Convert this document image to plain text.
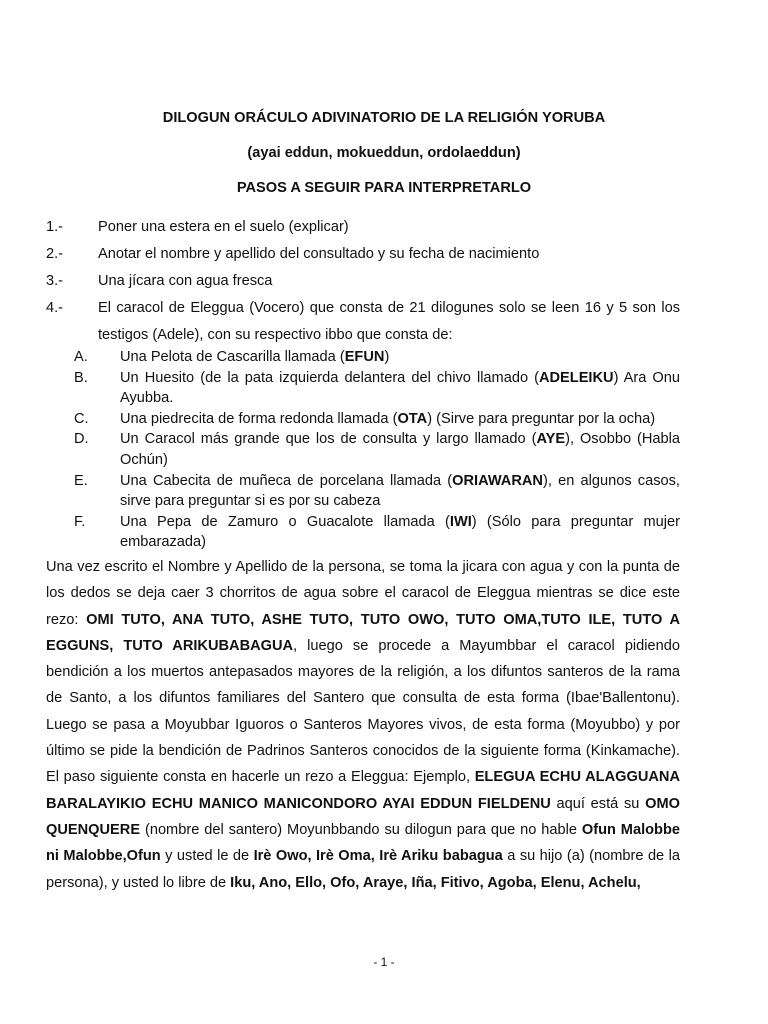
DILOGUN ORÁCULO ADIVINATORIO DE LA RELIGIÓN YORUBA
(ayai eddun, mokueddun, ordolaeddun)
PASOS A SEGUIR PARA INTERPRETARLO
1.-	Poner una estera en el suelo (explicar)
2.-	Anotar el nombre y apellido del consultado y su fecha de nacimiento
3.-	Una jícara con agua fresca
4.-	El caracol de Eleggua (Vocero) que consta de 21 dilogunes solo se leen 16 y 5 son los testigos (Adele), con su respectivo ibbo que consta de:
A.	Una Pelota de Cascarilla llamada (EFUN)
B.	Un Huesito (de la pata izquierda delantera del chivo llamado (ADELEIKU) Ara Onu Ayubba.
C.	Una piedrecita de forma redonda llamada (OTA) (Sirve para preguntar por la ocha)
D.	Un Caracol más grande que los de consulta y largo llamado (AYE), Osobbo (Habla Ochún)
E.	Una Cabecita de muñeca de porcelana llamada (ORIAWARAN), en algunos casos, sirve para preguntar si es por su cabeza
F.	Una Pepa de Zamuro o Guacalote llamada (IWI) (Sólo para preguntar mujer embarazada)
Una vez escrito el Nombre y Apellido de la persona, se toma la jicara con agua y con la punta de los dedos se deja caer 3 chorritos de agua sobre el caracol de Eleggua mientras se dice este rezo: OMI TUTO, ANA TUTO, ASHE TUTO, TUTO OWO, TUTO OMA,TUTO ILE, TUTO A EGGUNS, TUTO ARIKUBABAGUA, luego se procede a Mayumbbar el caracol pidiendo bendición a los muertos antepasados mayores de la religión, a los difuntos santeros de la rama de Santo, a los difuntos familiares del Santero que consulta de esta forma (Ibae'Ballentonu). Luego se pasa a Moyubbar Iguoros o Santeros Mayores vivos, de esta forma (Moyubbo) y por último se pide la bendición de Padrinos Santeros conocidos de la siguiente forma (Kinkamache). El paso siguiente consta en hacerle un rezo a Eleggua: Ejemplo, ELEGUA ECHU ALAGGUANA BARALAYIKIO ECHU MANICO MANICONDORO AYAI EDDUN FIELDENU aquí está su OMO QUENQUERE (nombre del santero) Moyunbbando su dilogun para que no hable Ofun Malobbe ni Malobbe,Ofun y usted le de Irè Owo, Irè Oma, Irè Ariku babagua a su hijo (a) (nombre de la persona), y usted lo libre de Iku, Ano, Ello, Ofo, Araye, Iña, Fitivo, Agoba, Elenu, Achelu,
- 1 -
